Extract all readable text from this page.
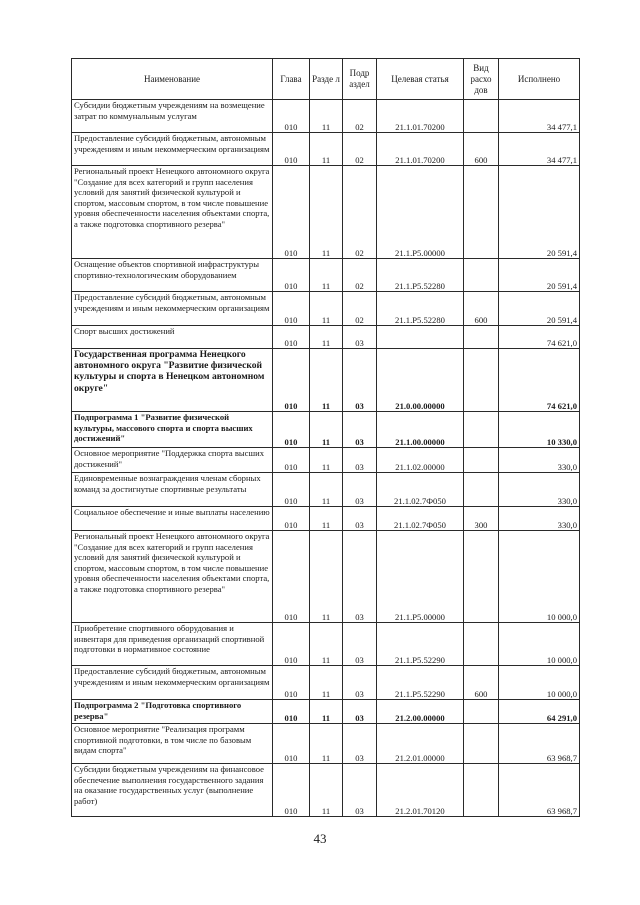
Наименование	Глава	Разде л	Подр аздел	Целевая статья	Вид расхо дов	Исполнено
Субсидии бюджетным учреждениям на возмещение затрат по коммунальным услугам	010	11	02	21.1.01.70200		34 477,1
Предоставление субсидий бюджетным, автономным учреждениям и иным некоммерческим организациям	010	11	02	21.1.01.70200	600	34 477,1
Региональный проект Ненецкого автономного округа "Создание для всех категорий и групп населения условий для занятий физической культурой и спортом, массовым спортом, в том числе повышение уровня обеспеченности населения объектами спорта, а также подготовка спортивного резерва"	010	11	02	21.1.P5.00000		20 591,4
Оснащение объектов спортивной инфраструктуры спортивно-технологическим оборудованием	010	11	02	21.1.P5.52280		20 591,4
Предоставление субсидий бюджетным, автономным учреждениям и иным некоммерческим организациям	010	11	02	21.1.P5.52280	600	20 591,4
Спорт высших достижений	010	11	03			74 621,0
Государственная программа Ненецкого автономного округа "Развитие физической культуры и спорта в Ненецком автономном округе"	010	11	03	21.0.00.00000		74 621,0
Подпрограмма 1 "Развитие физической культуры, массового спорта и спорта высших достижений"	010	11	03	21.1.00.00000		10 330,0
Основное мероприятие "Поддержка спорта высших достижений"	010	11	03	21.1.02.00000		330,0
Единовременные вознаграждения членам сборных команд за достигнутые спортивные результаты	010	11	03	21.1.02.7Ф050		330,0
Социальное обеспечение и иные выплаты населению	010	11	03	21.1.02.7Ф050	300	330,0
Региональный проект Ненецкого автономного округа "Создание для всех категорий и групп населения условий для занятий физической культурой и спортом, массовым спортом, в том числе повышение уровня обеспеченности населения объектами спорта, а также подготовка спортивного резерва"	010	11	03	21.1.P5.00000		10 000,0
Приобретение спортивного оборудования и инвентаря для приведения организаций спортивной подготовки в нормативное состояние	010	11	03	21.1.P5.52290		10 000,0
Предоставление субсидий бюджетным, автономным учреждениям и иным некоммерческим организациям	010	11	03	21.1.P5.52290	600	10 000,0
Подпрограмма 2 "Подготовка спортивного резерва"	010	11	03	21.2.00.00000		64 291,0
Основное мероприятие "Реализация программ спортивной подготовки, в том числе по базовым видам спорта"	010	11	03	21.2.01.00000		63 968,7
Субсидии бюджетным учреждениям на финансовое обеспечение выполнения государственного задания на оказание государственных услуг (выполнение работ)	010	11	03	21.2.01.70120		63 968,7
43
